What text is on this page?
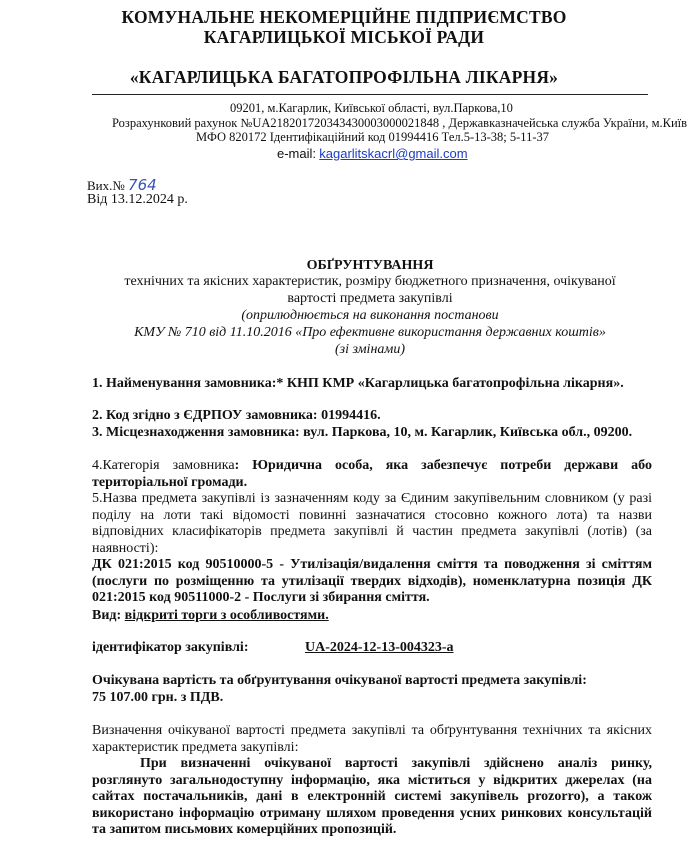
КОМУНАЛЬНЕ НЕКОМЕРЦІЙНЕ ПІДПРИЄМСТВО
КАГАРЛИЦЬКОЇ МІСЬКОЇ РАДИ
«КАГАРЛИЦЬКА БАГАТОПРОФІЛЬНА ЛІКАРНЯ»
09201, м.Кагарлик, Київської області, вул.Паркова,10
Розрахунковий рахунок №UA218201720343430003000021848 , Державказначейська служба України, м.Київ
МФО 820172 Ідентифікаційний код 01994416 Тел.5-13-38; 5-11-37
e-mail: kagarlitskacrl@gmail.com
Вих.№ 764
Від 13.12.2024 р.
ОБҐРУНТУВАННЯ
технічних та якісних характеристик, розміру бюджетного призначення, очікуваної
вартості предмета закупівлі
(оприлюднюється на виконання постанови
КМУ № 710 від 11.10.2016 «Про ефективне використання державних коштів»
(зі змінами)
1. Найменування замовника:* КНП КМР «Кагарлицька багатопрофільна лікарня».
2. Код згідно з ЄДРПОУ замовника: 01994416.
3. Місцезнаходження замовника: вул. Паркова, 10, м. Кагарлик, Київська обл., 09200.
4.Категорія замовника: Юридична особа, яка забезпечує потреби держави або територіальної громади.
5.Назва предмета закупівлі із зазначенням коду за Єдиним закупівельним словником (у разі поділу на лоти такі відомості повинні зазначатися стосовно кожного лота) та назви відповідних класифікаторів предмета закупівлі й частин предмета закупівлі (лотів) (за наявності):
ДК 021:2015 код 90510000-5 - Утилізація/видалення сміття та поводження зі сміттям (послуги по розміщенню та утилізації твердих відходів), номенклатурна позиція ДК 021:2015 код 90511000-2 - Послуги зі збирання сміття.
Вид: відкриті торги з особливостями.
ідентифікатор закупівлі:	UA-2024-12-13-004323-a
Очікувана вартість та обґрунтування очікуваної вартості предмета закупівлі:
75 107.00 грн. з ПДВ.
Визначення очікуваної вартості предмета закупівлі та обґрунтування технічних та якісних характеристик предмета закупівлі:
При визначенні очікуваної вартості закупівлі здійснено аналіз ринку, розглянуто загальнодоступну інформацію, яка міститься у відкритих джерелах (на сайтах постачальників, дані в електронній системі закупівель prozorro), а також використано інформацію отриману шляхом проведення усних ринкових консультацій та запитом письмових комерційних пропозицій.
